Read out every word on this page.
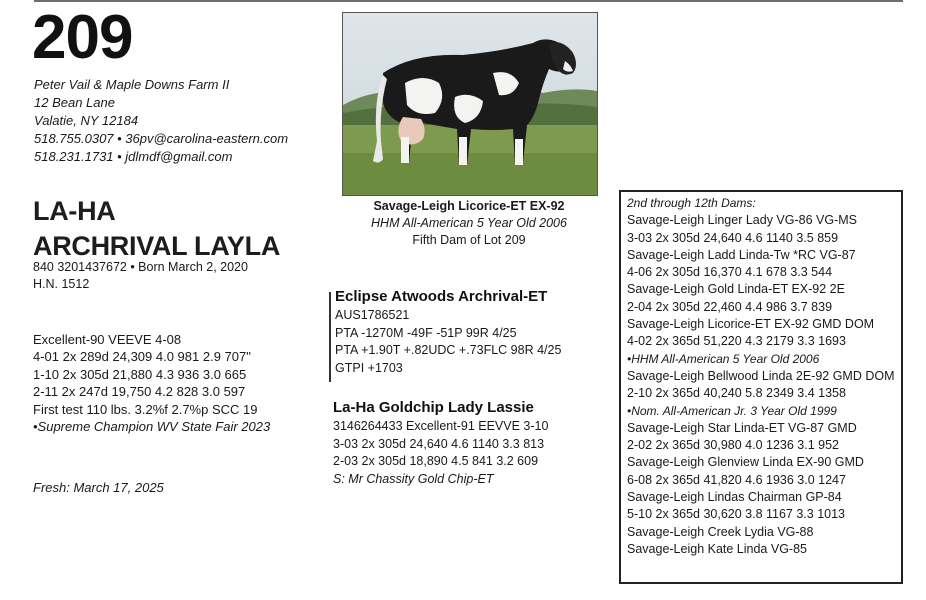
209
Peter Vail & Maple Downs Farm II
12 Bean Lane
Valatie, NY 12184
518.755.0307 • 36pv@carolina-eastern.com
518.231.1731 • jdlmdf@gmail.com
LA-HA
ARCHRIVAL LAYLA
840 3201437672 • Born March 2, 2020
H.N. 1512
Excellent-90 VEEVE 4-08
4-01 2x 289d 24,309 4.0 981 2.9 707"
1-10 2x 305d 21,880 4.3 936 3.0 665
2-11 2x 247d 19,750 4.2 828 3.0 597
First test 110 lbs. 3.2%f 2.7%p SCC 19
•Supreme Champion WV State Fair 2023
Fresh: March 17, 2025
Savage-Leigh Licorice-ET EX-92
HHM All-American 5 Year Old 2006
Fifth Dam of Lot 209
Eclipse Atwoods Archrival-ET
AUS1786521
PTA -1270M -49F -51P 99R 4/25
PTA +1.90T +.82UDC +.73FLC 98R 4/25
GTPI +1703
La-Ha Goldchip Lady Lassie
3146264433 Excellent-91 EEVVE 3-10
3-03 2x 305d 24,640 4.6 1140 3.3 813
2-03 2x 305d 18,890 4.5 841 3.2 609
S: Mr Chassity Gold Chip-ET
2nd through 12th Dams:
Savage-Leigh Linger Lady VG-86 VG-MS
3-03 2x 305d 24,640 4.6 1140 3.5 859
Savage-Leigh Ladd Linda-Tw *RC VG-87
4-06 2x 305d 16,370 4.1 678 3.3 544
Savage-Leigh Gold Linda-ET EX-92 2E
2-04 2x 305d 22,460 4.4 986 3.7 839
Savage-Leigh Licorice-ET EX-92 GMD DOM
4-02 2x 365d 51,220 4.3 2179 3.3 1693
•HHM All-American 5 Year Old 2006
Savage-Leigh Bellwood Linda 2E-92 GMD DOM
2-10 2x 365d 40,240 5.8 2349 3.4 1358
•Nom. All-American Jr. 3 Year Old 1999
Savage-Leigh Star Linda-ET VG-87 GMD
2-02 2x 365d 30,980 4.0 1236 3.1 952
Savage-Leigh Glenview Linda EX-90 GMD
6-08 2x 365d 41,820 4.6 1936 3.0 1247
Savage-Leigh Lindas Chairman GP-84
5-10 2x 365d 30,620 3.8 1167 3.3 1013
Savage-Leigh Creek Lydia VG-88
Savage-Leigh Kate Linda VG-85
